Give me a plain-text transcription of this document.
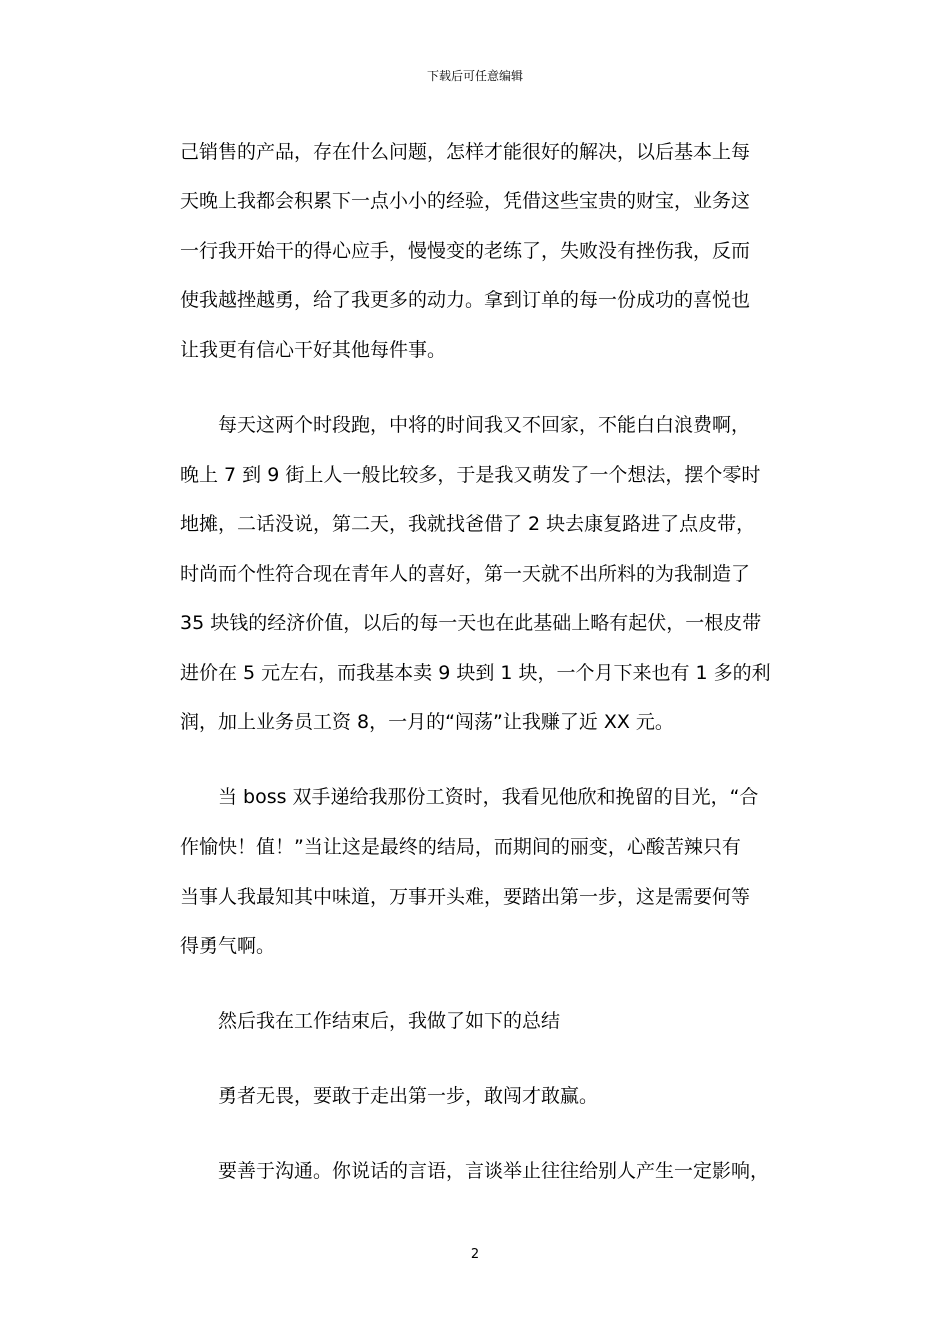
下载后可任意编辑
己销售的产品，存在什么问题，怎样才能很好的解决，以后基本上每
天晚上我都会积累下一点小小的经验，凭借这些宝贵的财宝，业务这
一行我开始干的得心应手，慢慢变的老练了，失败没有挫伤我，反而
使我越挫越勇，给了我更多的动力。拿到订单的每一份成功的喜悦也
让我更有信心干好其他每件事。
每天这两个时段跑，中将的时间我又不回家，不能白白浪费啊，
晚上 7 到 9 街上人一般比较多，于是我又萌发了一个想法，摆个零时
地摊，二话没说，第二天，我就找爸借了 2 块去康复路进了点皮带，
时尚而个性符合现在青年人的喜好，第一天就不出所料的为我制造了
35 块钱的经济价值，以后的每一天也在此基础上略有起伏，一根皮带
进价在 5 元左右，而我基本卖 9 块到 1 块，一个月下来也有 1 多的利
润，加上业务员工资 8，一月的“闯荡”让我赚了近 XX 元。
当 boss 双手递给我那份工资时，我看见他欣和挽留的目光，“合
作愉快！值！”当让这是最终的结局，而期间的丽变，心酸苦辣只有
当事人我最知其中味道，万事开头难，要踏出第一步，这是需要何等
得勇气啊。
然后我在工作结束后，我做了如下的总结
勇者无畏，要敢于走出第一步，敢闯才敢赢。
要善于沟通。你说话的言语，言谈举止往往给别人产生一定影响，
2
